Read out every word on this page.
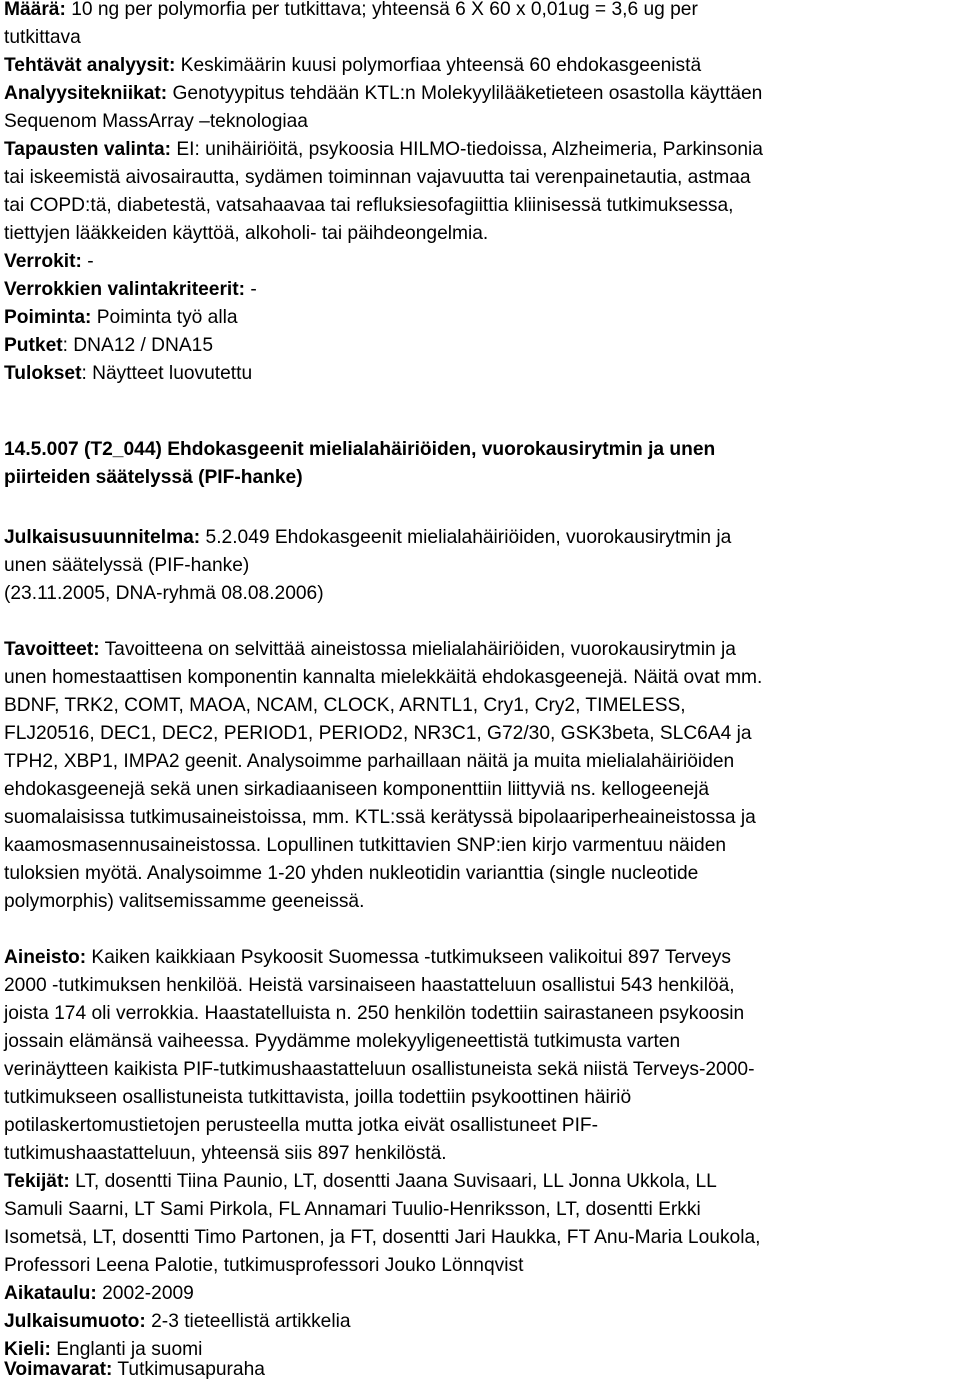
Määrä: 10 ng per polymorfia per tutkittava; yhteensä 6 X 60 x 0,01ug = 3,6 ug per
tutkittava
Tehtävät analyysit: Keskimäärin kuusi polymorfiaa yhteensä 60 ehdokasgeenistä
Analyysitekniikat: Genotyypitus tehdään KTL:n Molekyylilääketieteen osastolla käyttäen
Sequenom MassArray –teknologiaa
Tapausten valinta: EI: unihäiriöitä, psykoosia HILMO-tiedoissa, Alzheimeria, Parkinsonia
tai iskeemistä aivosairautta, sydämen toiminnan vajavuutta tai verenpainetautia, astmaa
tai COPD:tä, diabetestä, vatsahaavaa tai refluksiesofagiittia kliinisessä tutkimuksessa,
tiettyjen lääkkeiden käyttöä, alkoholi- tai päihdeongelmia.
Verrokit: -
Verrokkien valintakriteerit: -
Poiminta: Poiminta työ alla
Putket: DNA12 / DNA15
Tulokset: Näytteet luovutettu
14.5.007 (T2_044) Ehdokasgeenit mielialahäiriöiden, vuorokausirytmin ja unen
piirteiden säätelyssä (PIF-hanke)
Julkaisusuunnitelma: 5.2.049 Ehdokasgeenit mielialahäiriöiden, vuorokausirytmin ja
unen säätelyssä (PIF-hanke)
(23.11.2005, DNA-ryhmä 08.08.2006)
Tavoitteet: Tavoitteena on selvittää aineistossa mielialahäiriöiden, vuorokausirytmin ja
unen homestaattisen komponentin kannalta mielekkäitä ehdokasgeenejä. Näitä ovat mm.
BDNF, TRK2, COMT, MAOA, NCAM, CLOCK, ARNTL1, Cry1, Cry2, TIMELESS,
FLJ20516, DEC1, DEC2, PERIOD1, PERIOD2, NR3C1, G72/30, GSK3beta, SLC6A4 ja
TPH2, XBP1, IMPA2 geenit. Analysoimme parhaillaan näitä ja muita mielialahäiriöiden
ehdokasgeenejä sekä unen sirkadiaaniseen komponenttiin liittyviä ns. kellogeenejä
suomalaisissa tutkimusaineistoissa, mm. KTL:ssä kerätyssä bipolaariperheaineistossa ja
kaamosmasennusaineistossa. Lopullinen tutkittavien SNP:ien kirjo varmentuu näiden
tuloksien myötä. Analysoimme 1-20 yhden nukleotidin varianttia (single nucleotide
polymorphis) valitsemissamme geeneissä.
Aineisto: Kaiken kaikkiaan Psykoosit Suomessa -tutkimukseen valikoitui 897 Terveys
2000 -tutkimuksen henkilöä. Heistä varsinaiseen haastatteluun osallistui 543 henkilöä,
joista 174 oli verrokkia. Haastatelluista n. 250 henkilön todettiin sairastaneen psykoosin
jossain elämänsä vaiheessa. Pyydämme molekyyligeneettistä tutkimusta varten
verinäytteen kaikista PIF-tutkimushaastatteluun osallistuneista sekä niistä Terveys-2000-
tutkimukseen osallistuneista tutkittavista, joilla todettiin psykoottinen häiriö
potilaskertomustietojen perusteella mutta jotka eivät osallistuneet PIF-
tutkimushaastatteluun, yhteensä siis 897 henkilöstä.
Tekijät: LT, dosentti Tiina Paunio, LT, dosentti Jaana Suvisaari, LL Jonna Ukkola, LL
Samuli Saarni, LT Sami Pirkola, FL Annamari Tuulio-Henriksson, LT, dosentti Erkki
Isometsä, LT, dosentti Timo Partonen, ja FT, dosentti Jari Haukka, FT Anu-Maria Loukola,
Professori Leena Palotie, tutkimusprofessori Jouko Lönnqvist
Aikataulu: 2002-2009
Julkaisumuoto: 2-3 tieteellistä artikkelia
Kieli: Englanti ja suomi
Voimavarat: Tutkimusapuraha
